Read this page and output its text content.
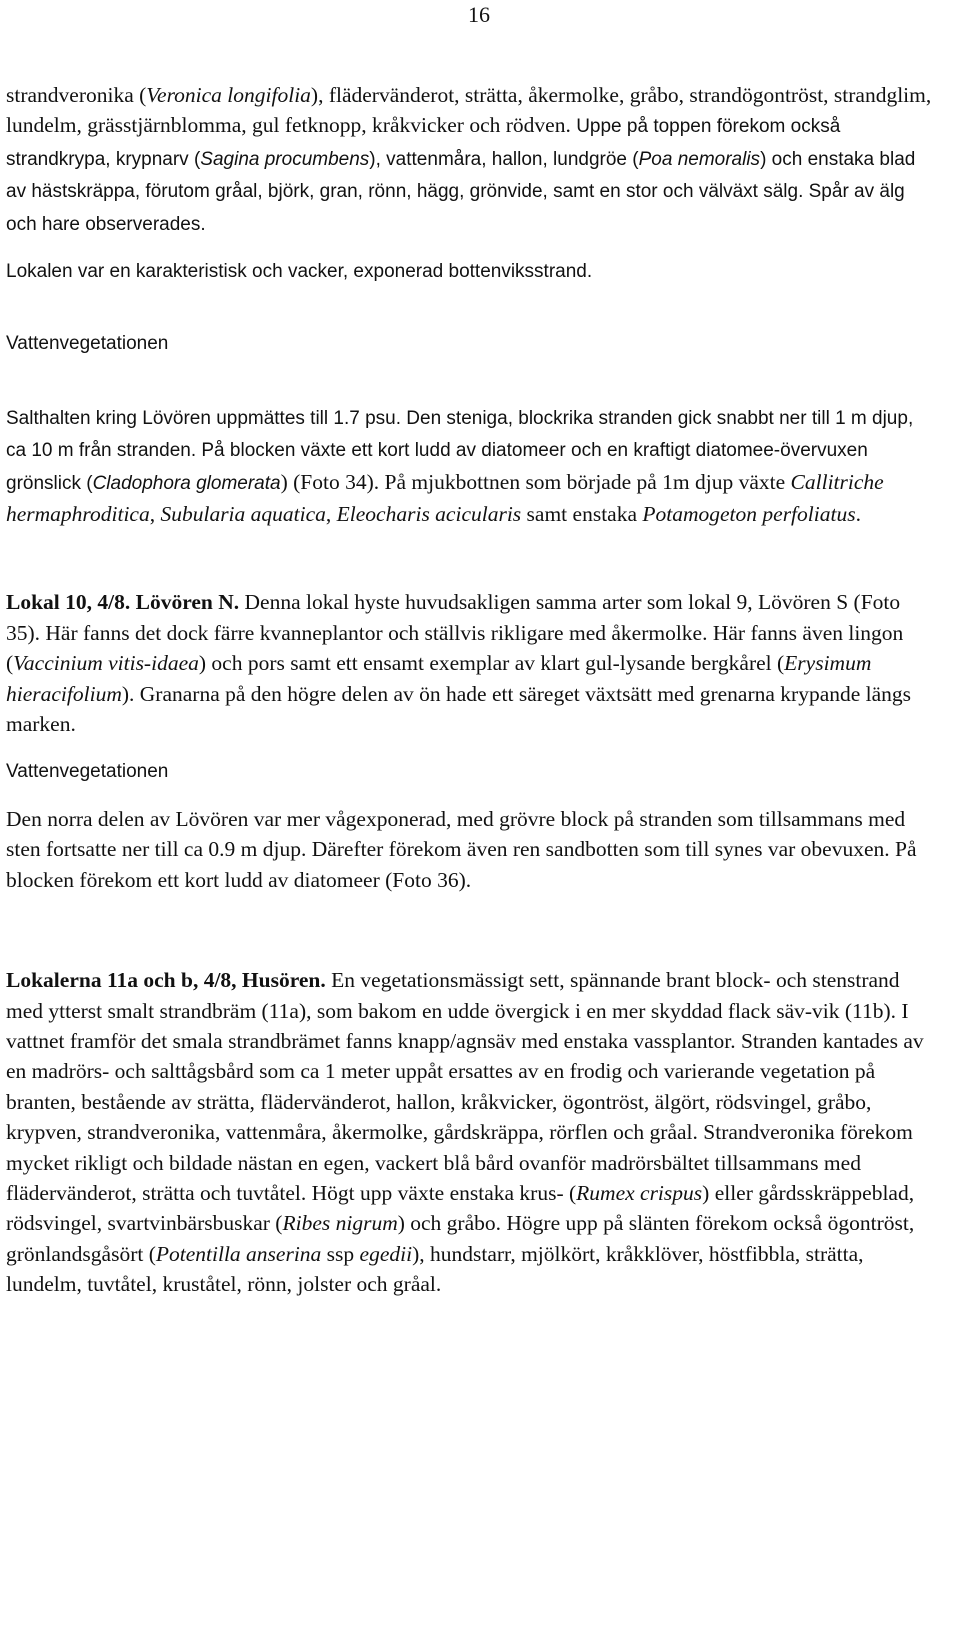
16

strandveronika (Veronica longifolia), flädervänderot, strätta, åkermolke, gråbo, strandögontröst, strandglim, lundelm, grässtjärnblomma, gul fetknopp, kråkvicker och rödven. Uppe på toppen förekom också strandkrypa, krypnarv (Sagina procumbens), vattenmåra, hallon, lundgröe (Poa nemoralis) och enstaka blad av hästskräppa, förutom gråal, björk, gran, rönn, hägg, grönvide, samt en stor och välväxt sälg. Spår av älg och hare observerades.

Lokalen var en karakteristisk och vacker, exponerad bottenviksstrand.

Vattenvegetationen

Salthalten kring Lövören uppmättes till 1.7 psu. Den steniga, blockrika stranden gick snabbt ner till 1 m djup, ca 10 m från stranden. På blocken växte ett kort ludd av diatomeer och en kraftigt diatomee-övervuxen grönslick (Cladophora glomerata) (Foto 34). På mjukbottnen som började på 1m djup växte Callitriche hermaphroditica, Subularia aquatica, Eleocharis acicularis samt enstaka Potamogeton perfoliatus.

Lokal 10, 4/8. Lövören N. Denna lokal hyste huvudsakligen samma arter som lokal 9, Lövören S (Foto 35). Här fanns det dock färre kvanneplantor och ställvis rikligare med åkermolke. Här fanns även lingon (Vaccinium vitis-idaea) och pors samt ett ensamt exemplar av klart gul-lysande bergkårel (Erysimum hieracifolium). Granarna på den högre delen av ön hade ett säreget växtsätt med grenarna krypande längs marken.

Vattenvegetationen

Den norra delen av Lövören var mer vågexponerad, med grövre block på stranden som tillsammans med sten fortsatte ner till ca 0.9 m djup. Därefter förekom även ren sandbotten som till synes var obevuxen. På blocken förekom ett kort ludd av diatomeer (Foto 36).

Lokalerna 11a och b, 4/8, Husören. En vegetationsmässigt sett, spännande brant block- och stenstrand med ytterst smalt strandbräm (11a), som bakom en udde övergick i en mer skyddad flack säv-vik (11b). I vattnet framför det smala strandbrämet fanns knapp/agnsäv med enstaka vassplantor. Stranden kantades av en madrörs- och salttågsbård som ca 1 meter uppåt ersattes av en frodig och varierande vegetation på branten, bestående av strätta, flädervänderot, hallon, kråkvicker, ögontröst, älgört, rödsvingel, gråbo, krypven, strandveronika, vattenmåra, åkermolke, gårdskräppa, rörflen och gråal. Strandveronika förekom mycket rikligt och bildade nästan en egen, vackert blå bård ovanför madrörsbältet tillsammans med flädervänderot, strätta och tuvtåtel. Högt upp växte enstaka krus- (Rumex crispus) eller gårdsskräppeblad, rödsvingel, svartvinbärsbuskar (Ribes nigrum) och gråbo. Högre upp på slänten förekom också ögontröst, grönlandsgåsört (Potentilla anserina ssp egedii), hundstarr, mjölkört, kråkklöver, höstfibbla, strätta, lundelm, tuvtåtel, kruståtel, rönn, jolster och gråal.
